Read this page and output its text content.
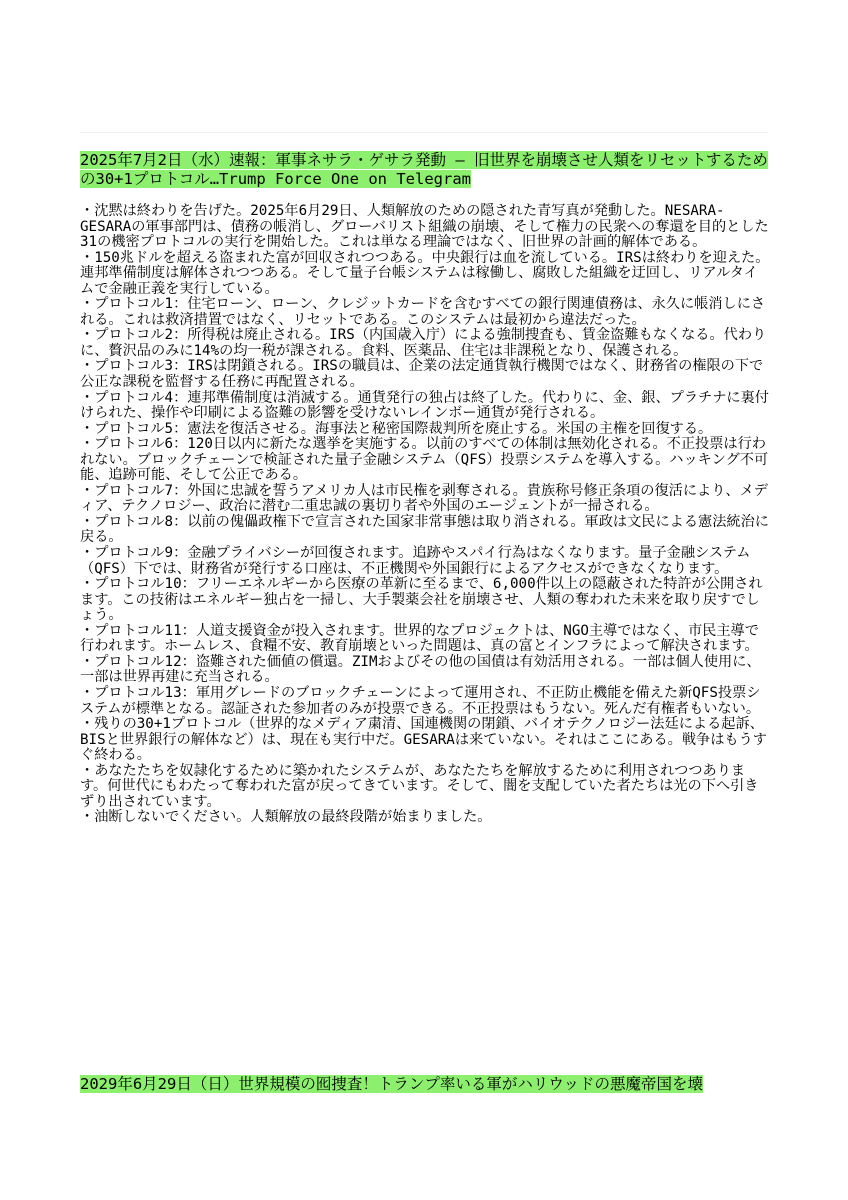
2025年7月2日（水）速報：軍事ネサラ・ゲサラ発動 — 旧世界を崩壊させ人類をリセットするための30+1プロトコル…Trump Force One on Telegram
・沈黙は終わりを告げた。2025年6月29日、人類解放のための隠された青写真が発動した。NESARA-GESARAの軍事部門は、債務の帳消し、グローバリスト組織の崩壊、そして権力の民衆への奪還を目的とした31の機密プロトコルの実行を開始した。これは単なる理論ではなく、旧世界の計画的解体である。
・150兆ドルを超える盗まれた富が回収されつつある。中央銀行は血を流している。IRSは終わりを迎えた。連邦準備制度は解体されつつある。そして量子台帳システムは稼働し、腐敗した組織を迂回し、リアルタイムで金融正義を実行している。
・プロトコル1：住宅ローン、ローン、クレジットカードを含むすべての銀行関連債務は、永久に帳消しにされる。これは救済措置ではなく、リセットである。このシステムは最初から違法だった。
・プロトコル2：所得税は廃止される。IRS（内国歳入庁）による強制捜査も、賃金盗難もなくなる。代わりに、贅沢品のみに14%の均一税が課される。食料、医薬品、住宅は非課税となり、保護される。
・プロトコル3：IRSは閉鎖される。IRSの職員は、企業の法定通貨執行機関ではなく、財務省の権限の下で公正な課税を監督する任務に再配置される。
・プロトコル4：連邦準備制度は消滅する。通貨発行の独占は終了した。代わりに、金、銀、プラチナに裏付けられた、操作や印刷による盗難の影響を受けないレインボー通貨が発行される。
・プロトコル5：憲法を復活させる。海事法と秘密国際裁判所を廃止する。米国の主権を回復する。
・プロトコル6：120日以内に新たな選挙を実施する。以前のすべての体制は無効化される。不正投票は行われない。ブロックチェーンで検証された量子金融システム（QFS）投票システムを導入する。ハッキング不可能、追跡可能、そして公正である。
・プロトコル7：外国に忠誠を誓うアメリカ人は市民権を剥奪される。貴族称号修正条項の復活により、メディア、テクノロジー、政治に潜む二重忠誠の裏切り者や外国のエージェントが一掃される。
・プロトコル8：以前の傀儡政権下で宣言された国家非常事態は取り消される。軍政は文民による憲法統治に戻る。
・プロトコル9：金融プライバシーが回復されます。追跡やスパイ行為はなくなります。量子金融システム（QFS）下では、財務省が発行する口座は、不正機関や外国銀行によるアクセスができなくなります。
・プロトコル10：フリーエネルギーから医療の革新に至るまで、6,000件以上の隠蔽された特許が公開されます。この技術はエネルギー独占を一掃し、大手製薬会社を崩壊させ、人類の奪われた未来を取り戻すでしょう。
・プロトコル11：人道支援資金が投入されます。世界的なプロジェクトは、NGO主導ではなく、市民主導で行われます。ホームレス、食糧不安、教育崩壊といった問題は、真の富とインフラによって解決されます。
・プロトコル12：盗難された価値の償還。ZIMおよびその他の国債は有効活用される。一部は個人使用に、一部は世界再建に充当される。
・プロトコル13：軍用グレードのブロックチェーンによって運用され、不正防止機能を備えた新QFS投票システムが標準となる。認証された参加者のみが投票できる。不正投票はもうない。死んだ有権者もいない。
・残りの30+1プロトコル（世界的なメディア粛清、国連機関の閉鎖、バイオテクノロジー法廷による起訴、BISと世界銀行の解体など）は、現在も実行中だ。GESARAは来ていない。それはここにある。戦争はもうすぐ終わる。
・あなたたちを奴隷化するために築かれたシステムが、あなたたちを解放するために利用されつつあります。何世代にもわたって奪われた富が戻ってきています。そして、闇を支配していた者たちは光の下へ引きずり出されています。
・油断しないでください。人類解放の最終段階が始まりました。
2029年6月29日（日）世界規模の囮捜査！トランプ率いる軍がハリウッドの悪魔帝国を壊
